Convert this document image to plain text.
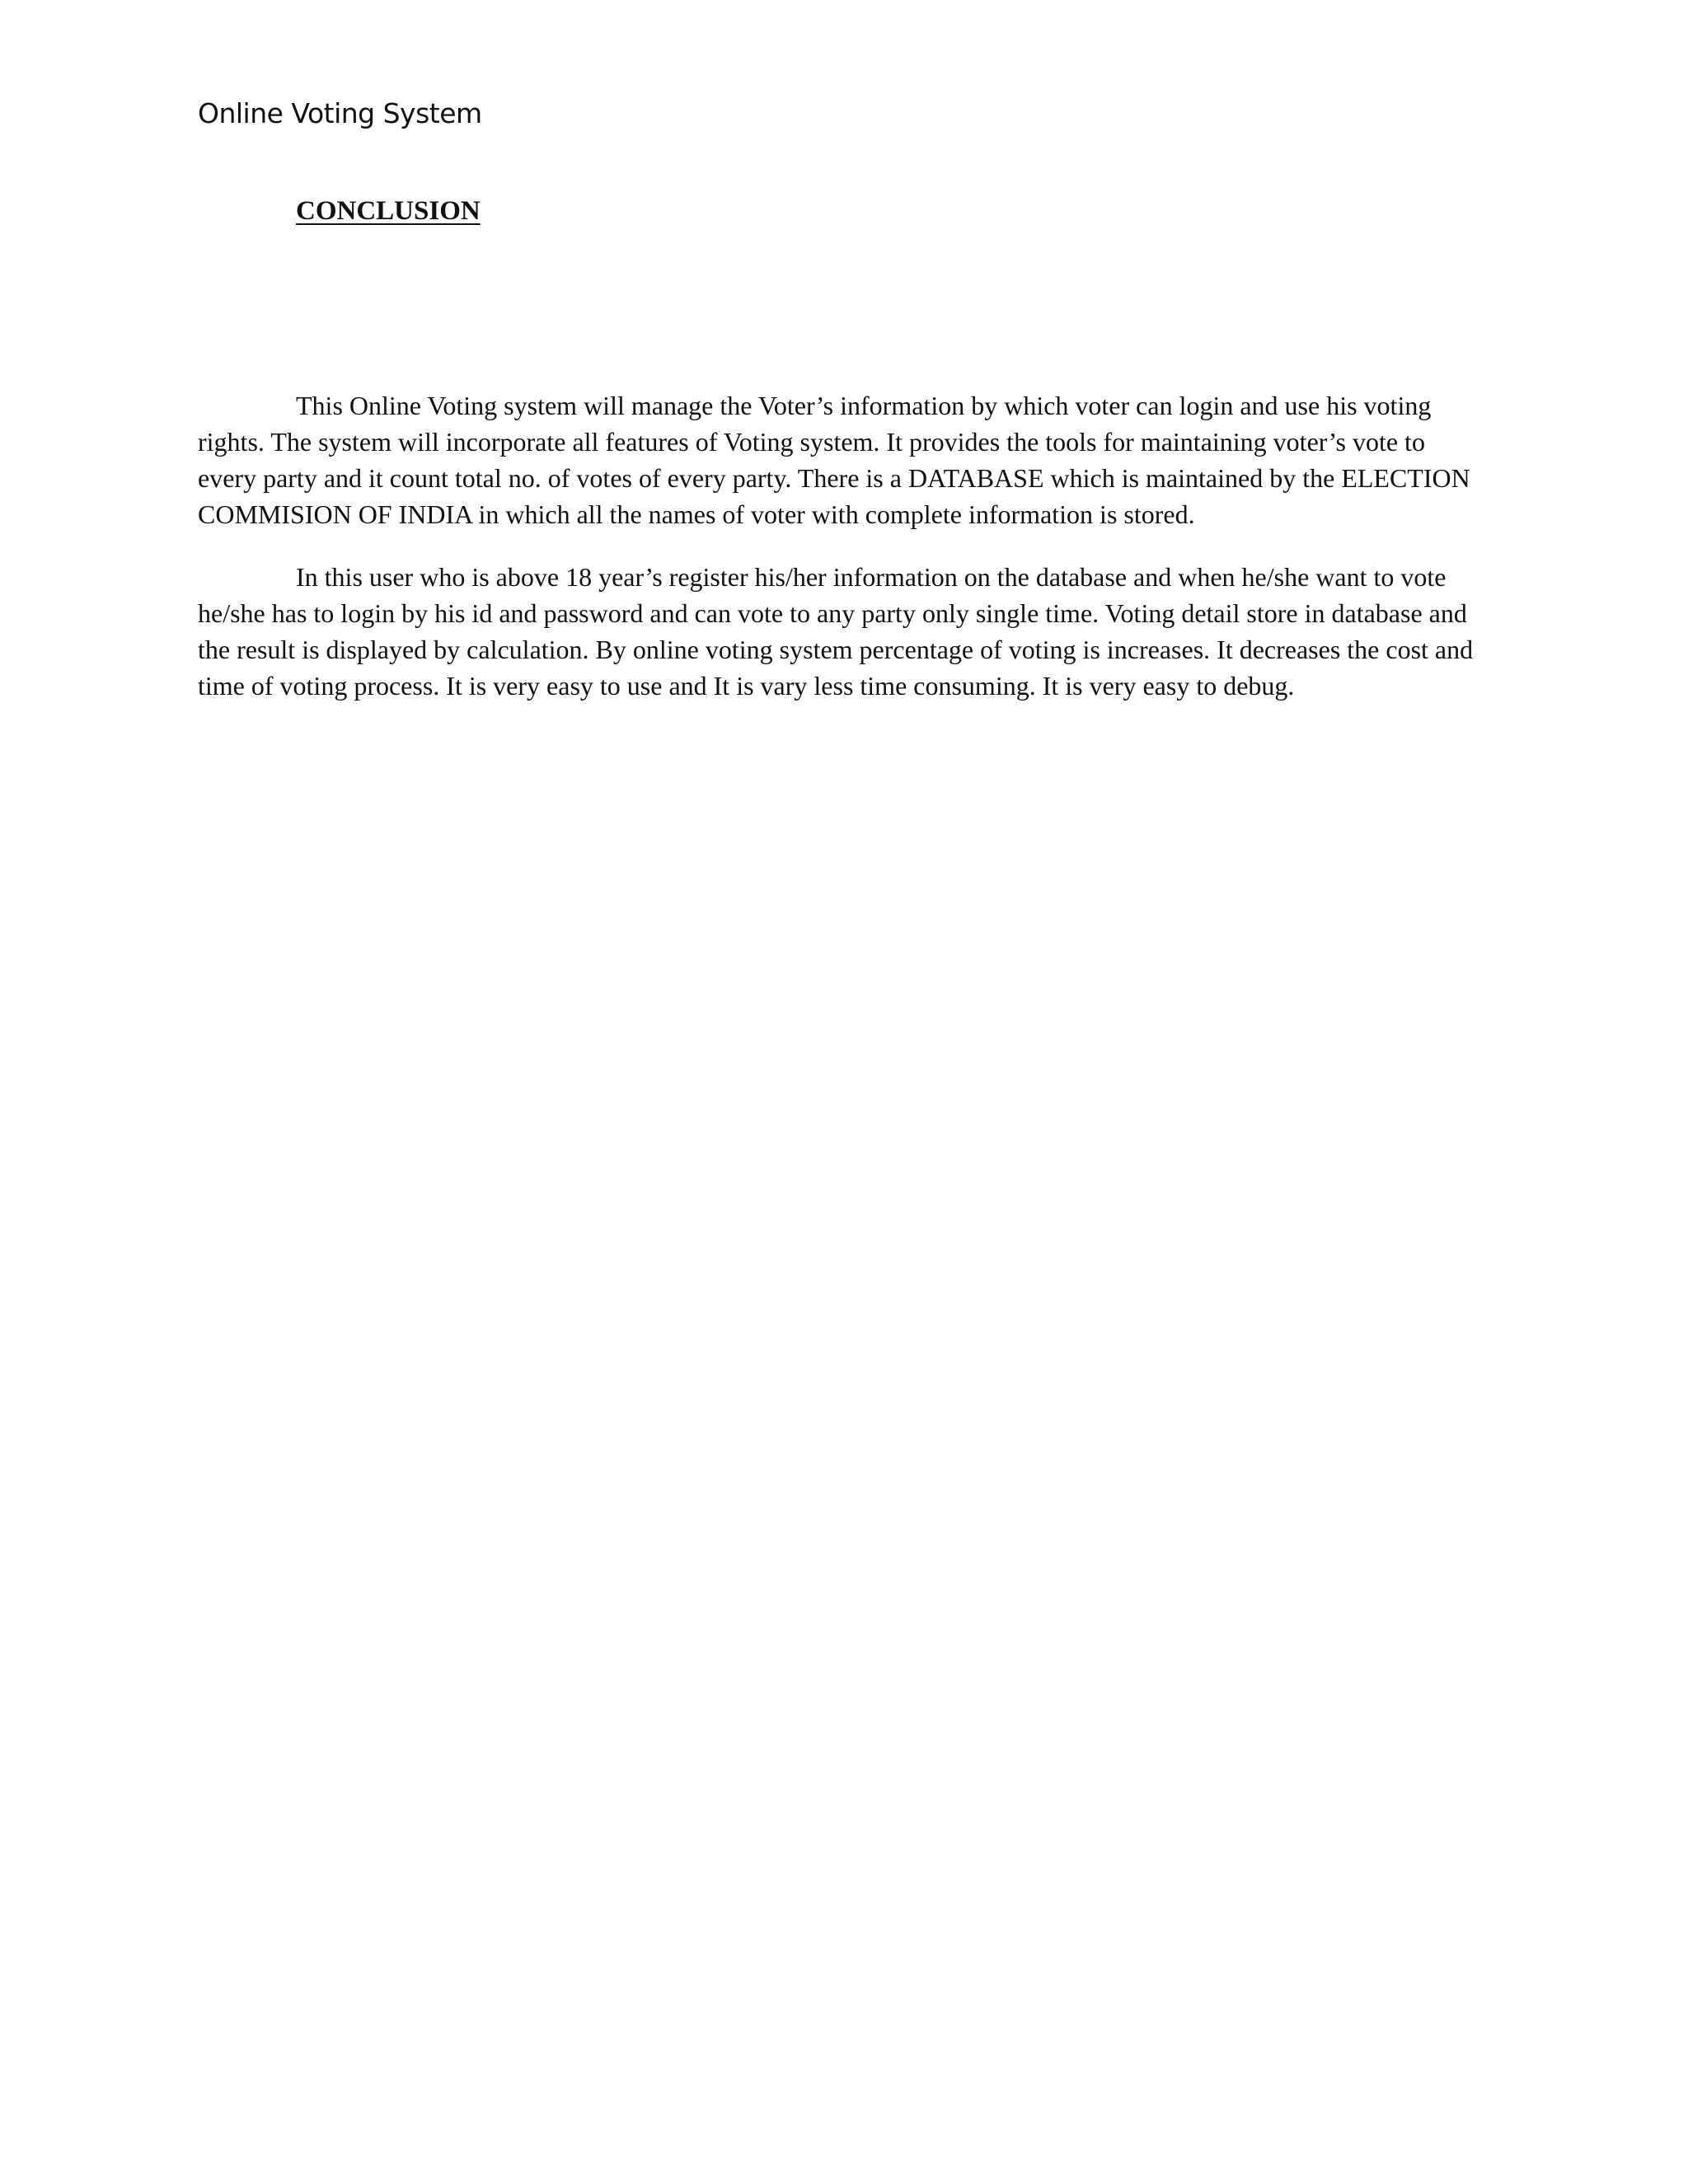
Online Voting System
CONCLUSION

This Online Voting system will manage the Voter’s information by which voter can login and use his voting rights. The system will incorporate all features of Voting system. It provides the tools for maintaining voter’s vote to every party and it count total no. of votes of every party. There is a DATABASE which is maintained by the ELECTION COMMISION OF INDIA in which all the names of voter with complete information is stored.

In this user who is above 18 year’s register his/her information on the database and when he/she want to vote he/she has to login by his id and password and can vote to any party only single time. Voting detail store in database and the result is displayed by calculation. By online voting system percentage of voting is increases. It decreases the cost and time of voting process. It is very easy to use and It is vary less time consuming. It is very easy to debug.
